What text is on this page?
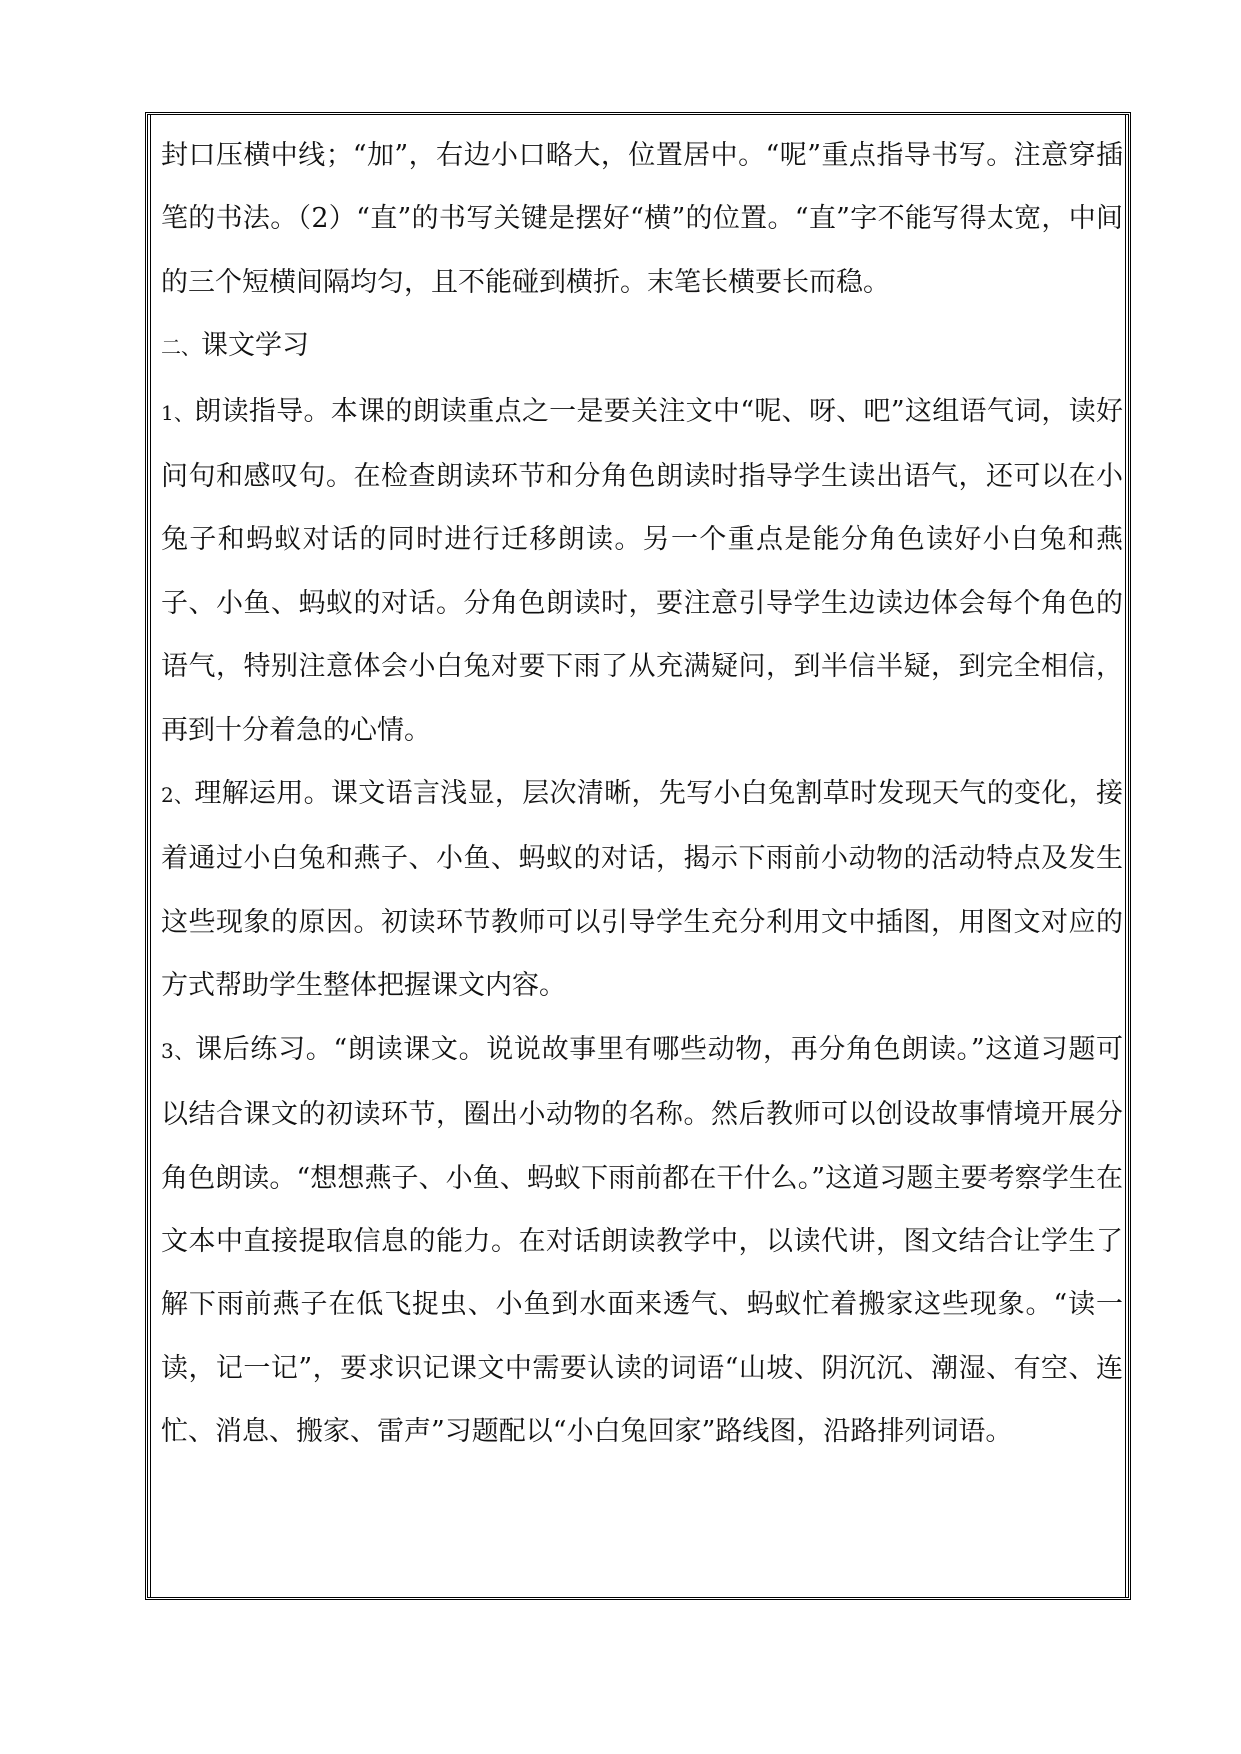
封口压横中线；“加”，右边小口略大，位置居中。“呢”重点指导书写。注意穿插笔的书法。（2）“直”的书写关键是摆好“横”的位置。“直”字不能写得太宽，中间的三个短横间隔均匀，且不能碰到横折。末笔长横要长而稳。

二、课文学习

1、朗读指导。本课的朗读重点之一是要关注文中“呢、呀、吧”这组语气词，读好问句和感叹句。在检查朗读环节和分角色朗读时指导学生读出语气，还可以在小兔子和蚂蚁对话的同时进行迁移朗读。另一个重点是能分角色读好小白兔和燕子、小鱼、蚂蚁的对话。分角色朗读时，要注意引导学生边读边体会每个角色的语气，特别注意体会小白兔对要下雨了从充满疑问，到半信半疑，到完全相信，再到十分着急的心情。

2、理解运用。课文语言浅显，层次清晰，先写小白兔割草时发现天气的变化，接着通过小白兔和燕子、小鱼、蚂蚁的对话，揭示下雨前小动物的活动特点及发生这些现象的原因。初读环节教师可以引导学生充分利用文中插图，用图文对应的方式帮助学生整体把握课文内容。

3、课后练习。“朗读课文。说说故事里有哪些动物，再分角色朗读。”这道习题可以结合课文的初读环节，圈出小动物的名称。然后教师可以创设故事情境开展分角色朗读。“想想燕子、小鱼、蚂蚁下雨前都在干什么。”这道习题主要考察学生在文本中直接提取信息的能力。在对话朗读教学中，以读代讲，图文结合让学生了解下雨前燕子在低飞捉虫、小鱼到水面来透气、蚂蚁忙着搬家这些现象。“读一读，记一记”，要求识记课文中需要认读的词语“山坡、阴沉沉、潮湿、有空、连忙、消息、搬家、雷声”习题配以“小白兔回家”路线图，沿路排列词语。
